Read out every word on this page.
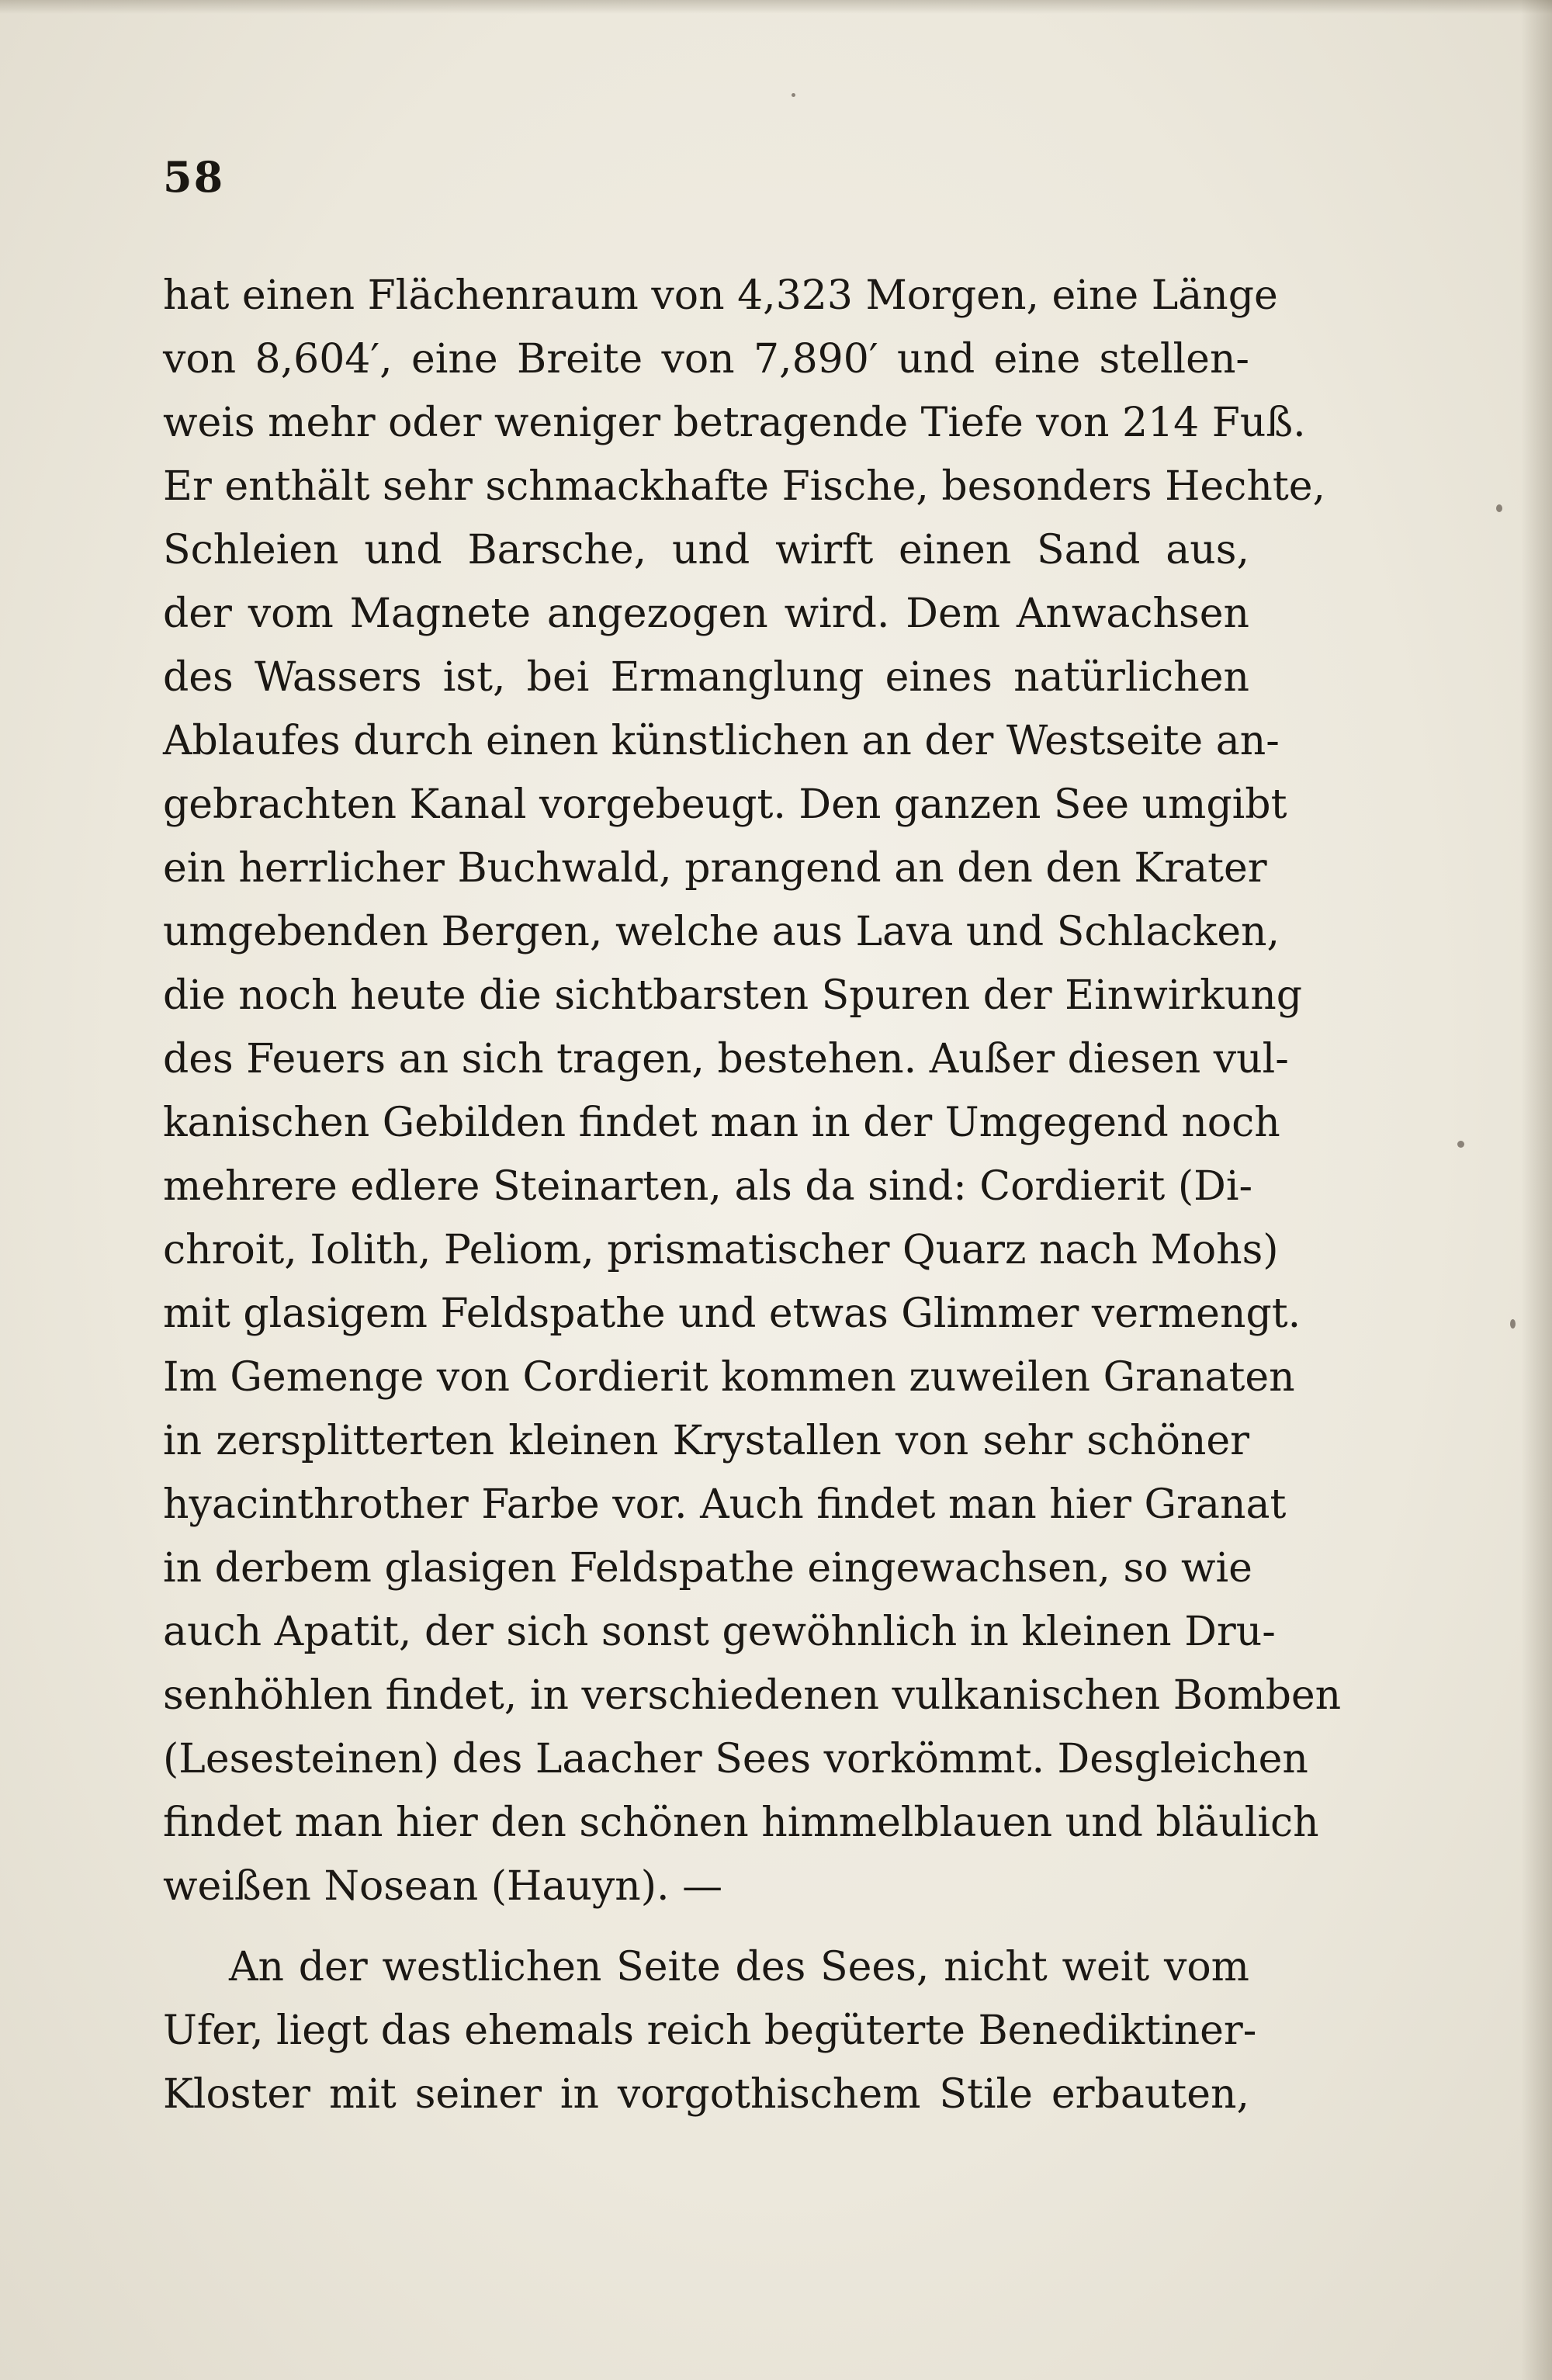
58
hat einen Flächenraum von 4,323 Morgen, eine Länge
von 8,604′, eine Breite von 7,890′ und eine stellen-
weis mehr oder weniger betragende Tiefe von 214 Fuß.
Er enthält sehr schmackhafte Fische, besonders Hechte,
Schleien und Barsche, und wirft einen Sand aus,
der vom Magnete angezogen wird. Dem Anwachsen
des Wassers ist, bei Ermanglung eines natürlichen
Ablaufes durch einen künstlichen an der Westseite an-
gebrachten Kanal vorgebeugt. Den ganzen See umgibt
ein herrlicher Buchwald, prangend an den den Krater
umgebenden Bergen, welche aus Lava und Schlacken,
die noch heute die sichtbarsten Spuren der Einwirkung
des Feuers an sich tragen, bestehen. Außer diesen vul-
kanischen Gebilden findet man in der Umgegend noch
mehrere edlere Steinarten, als da sind: Cordierit (Di-
chroit, Iolith, Peliom, prismatischer Quarz nach Mohs)
mit glasigem Feldspathe und etwas Glimmer vermengt.
Im Gemenge von Cordierit kommen zuweilen Granaten
in zersplitterten kleinen Krystallen von sehr schöner
hyacinthrother Farbe vor. Auch findet man hier Granat
in derbem glasigen Feldspathe eingewachsen, so wie
auch Apatit, der sich sonst gewöhnlich in kleinen Dru-
senhöhlen findet, in verschiedenen vulkanischen Bomben
(Lesesteinen) des Laacher Sees vorkömmt. Desgleichen
findet man hier den schönen himmelblauen und bläulich
weißen Nosean (Hauyn). —
An der westlichen Seite des Sees, nicht weit vom
Ufer, liegt das ehemals reich begüterte Benediktiner-
Kloster mit seiner in vorgothischem Stile erbauten,
